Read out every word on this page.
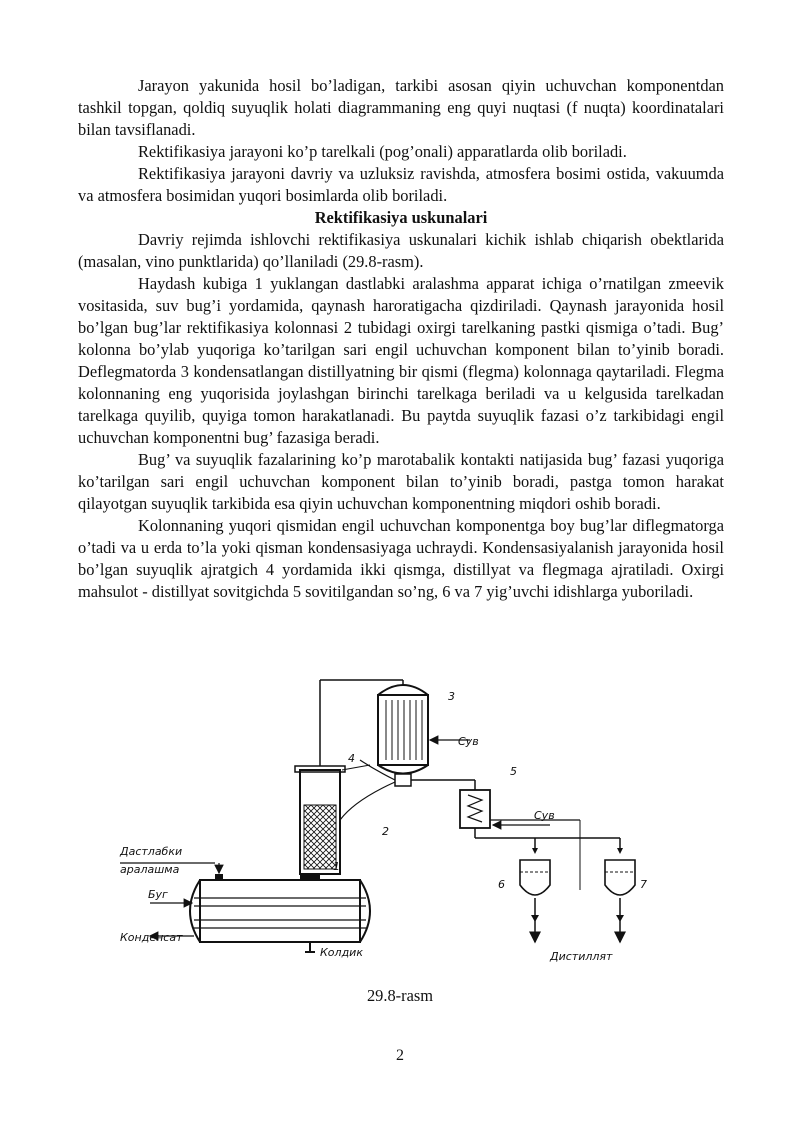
Jarayon yakunida hosil bo’ladigan, tarkibi asosan qiyin uchuvchan komponentdan tashkil topgan, qoldiq suyuqlik holati diagrammaning eng quyi nuqtasi (f nuqta) koordinatalari bilan tavsiflanadi.

Rektifikasiya jarayoni ko’p tarelkali (pog’onali) apparatlarda olib boriladi.

Rektifikasiya jarayoni davriy va uzluksiz ravishda, atmosfera bosimi ostida, vakuumda va atmosfera bosimidan yuqori bosimlarda olib boriladi.

Rektifikasiya uskunalari

Davriy rejimda ishlovchi rektifikasiya uskunalari kichik ishlab chiqarish obektlarida (masalan, vino punktlarida) qo’llaniladi (29.8-rasm).

Haydash kubiga 1 yuklangan dastlabki aralashma apparat ichiga o’rnatilgan zmeevik vositasida, suv bug’i yordamida, qaynash haroratigacha qizdiriladi. Qaynash jarayonida hosil bo’lgan bug’lar rektifikasiya kolonnasi 2 tubidagi oxirgi tarelkaning pastki qismiga o’tadi. Bug’ kolonna bo’ylab yuqoriga ko’tarilgan sari engil uchuvchan komponent bilan to’yinib boradi. Deflegmatorda 3 kondensatlangan distillyatning bir qismi (flegma) kolonnaga qaytariladi. Flegma kolonnaning eng yuqorisida joylashgan birinchi tarelkaga beriladi va u kelgusida tarelkadan tarelkaga quyilib, quyiga tomon harakatlanadi. Bu paytda suyuqlik fazasi o’z tarkibidagi engil uchuvchan komponentni bug’ fazasiga beradi.

Bug’ va suyuqlik fazalarining ko’p marotabalik kontakti natijasida bug’ fazasi yuqoriga ko’tarilgan sari engil uchuvchan komponent bilan to’yinib boradi, pastga tomon harakat qilayotgan suyuqlik tarkibida esa qiyin uchuvchan komponentning miqdori oshib boradi.

Kolonnaning yuqori qismidan engil uchuvchan komponentga boy bug’lar diflegmatorga o’tadi va u erda to’la yoki qisman kondensasiyaga uchraydi. Kondensasiyalanish jarayonida hosil bo’lgan suyuqlik ajratgich 4 yordamida ikki qismga, distillyat va flegmaga ajratiladi. Oxirgi mahsulot - distillyat sovitgichda 5 sovitilgandan so’ng, 6 va 7 yig’uvchi idishlarga yuboriladi.

Дастлабки
аралашма
Буг
Конденсат
Колдик
Сув
Сув
Дистиллят
1
2
3
4
5
6	7
29.8-rasm
2
